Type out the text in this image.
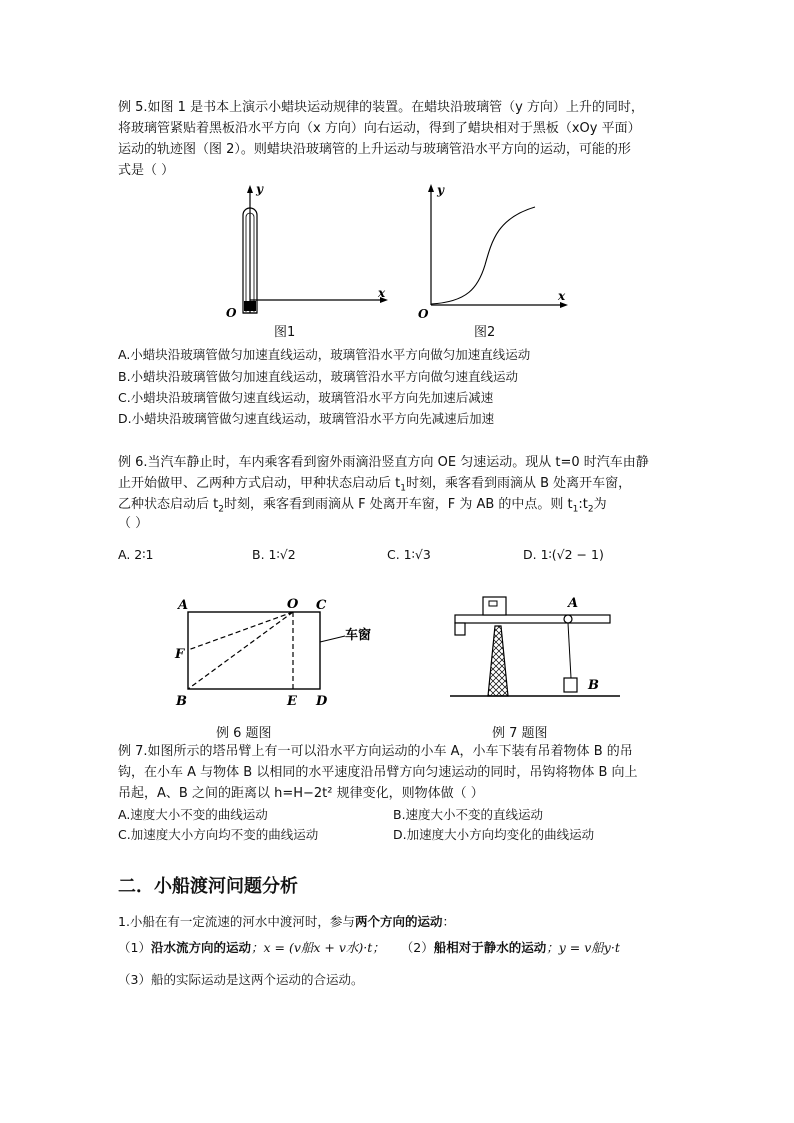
例 5.如图 1 是书本上演示小蜡块运动规律的装置。在蜡块沿玻璃管（y 方向）上升的同时，
将玻璃管紧贴着黑板沿水平方向（x 方向）向右运动，得到了蜡块相对于黑板（xOy 平面）
运动的轨迹图（图 2）。则蜡块沿玻璃管的上升运动与玻璃管沿水平方向的运动，可能的形
式是（ ）
y
x
O
图1
y
x
O
图2
A.小蜡块沿玻璃管做匀加速直线运动，玻璃管沿水平方向做匀加速直线运动
B.小蜡块沿玻璃管做匀加速直线运动，玻璃管沿水平方向做匀速直线运动
C.小蜡块沿玻璃管做匀速直线运动，玻璃管沿水平方向先加速后减速
D.小蜡块沿玻璃管做匀速直线运动，玻璃管沿水平方向先减速后加速
例 6.当汽车静止时，车内乘客看到窗外雨滴沿竖直方向 OE 匀速运动。现从 t=0 时汽车由静
止开始做甲、乙两种方式启动，甲种状态启动后 $t_1$时刻，乘客看到雨滴从 B 处离开车窗，
乙种状态启动后 $t_2$时刻，乘客看到雨滴从 F 处离开车窗，F 为 AB 的中点。则 $t_1:t_2$为
（ ）
A. 2∶1	B. 1∶√2	C. 1∶√3	D. 1∶(√2 − 1)
A	O C
F
B	E D
车窗
例 6 题图
A
B
例 7 题图
例 7.如图所示的塔吊臂上有一可以沿水平方向运动的小车 A，小车下装有吊着物体 B 的吊
钩，在小车 A 与物体 B 以相同的水平速度沿吊臂方向匀速运动的同时，吊钩将物体 B 向上
吊起，A、B 之间的距离以 h=H−2t² 规律变化，则物体做（ ）
A.速度大小不变的曲线运动	B.速度大小不变的直线运动
C.加速度大小方向均不变的曲线运动	D.加速度大小方向均变化的曲线运动
二．小船渡河问题分析
1.小船在有一定流速的河水中渡河时，参与两个方向的运动：
（1）沿水流方向的运动；x = (v船x + v水)·t； （2）船相对于静水的运动；y = v船y·t
（3）船的实际运动是这两个运动的合运动。
